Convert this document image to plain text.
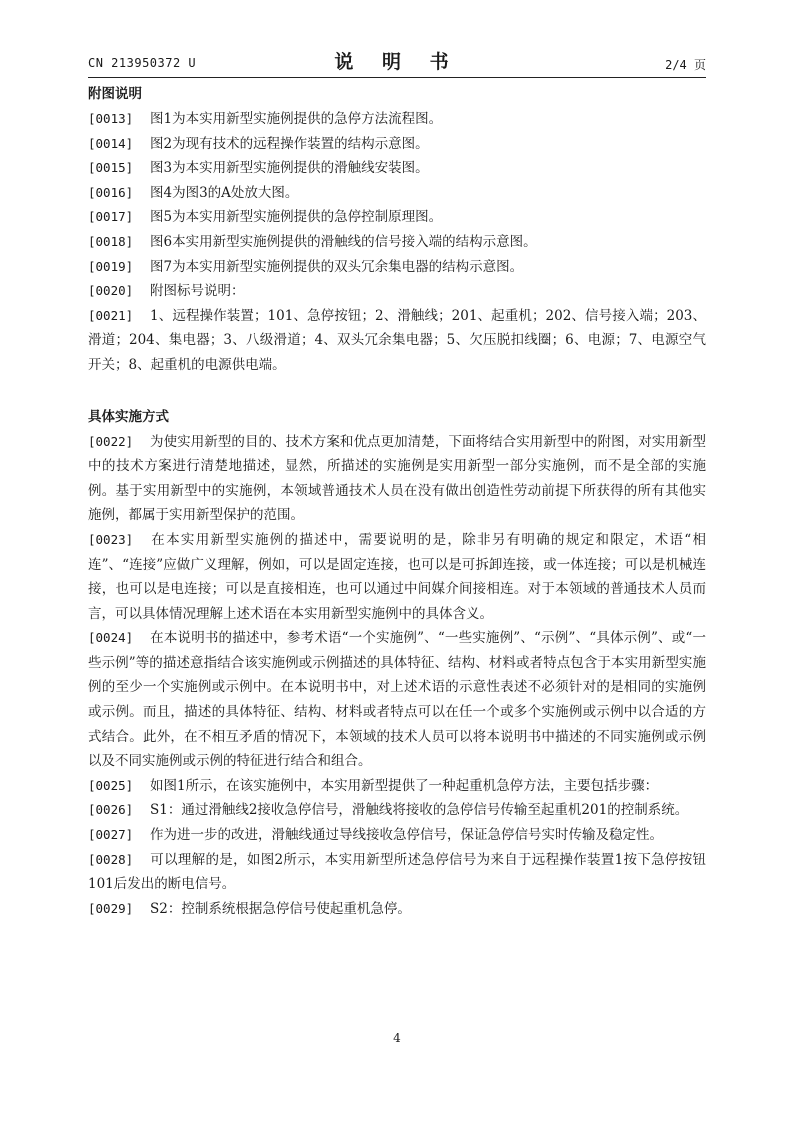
CN 213950372 U	说 明 书	2/4 页
附图说明
[0013] 图1为本实用新型实施例提供的急停方法流程图。
[0014] 图2为现有技术的远程操作装置的结构示意图。
[0015] 图3为本实用新型实施例提供的滑触线安装图。
[0016] 图4为图3的A处放大图。
[0017] 图5为本实用新型实施例提供的急停控制原理图。
[0018] 图6本实用新型实施例提供的滑触线的信号接入端的结构示意图。
[0019] 图7为本实用新型实施例提供的双头冗余集电器的结构示意图。
[0020] 附图标号说明：
[0021] 1、远程操作装置；101、急停按钮；2、滑触线；201、起重机；202、信号接入端；203、滑道；204、集电器；3、八级滑道；4、双头冗余集电器；5、欠压脱扣线圈；6、电源；7、电源空气开关；8、起重机的电源供电端。
具体实施方式
[0022] 为使实用新型的目的、技术方案和优点更加清楚，下面将结合实用新型中的附图，对实用新型中的技术方案进行清楚地描述，显然，所描述的实施例是实用新型一部分实施例，而不是全部的实施例。基于实用新型中的实施例，本领域普通技术人员在没有做出创造性劳动前提下所获得的所有其他实施例，都属于实用新型保护的范围。
[0023] 在本实用新型实施例的描述中，需要说明的是，除非另有明确的规定和限定，术语“相连”、“连接”应做广义理解，例如，可以是固定连接，也可以是可拆卸连接，或一体连接；可以是机械连接，也可以是电连接；可以是直接相连，也可以通过中间媒介间接相连。对于本领域的普通技术人员而言，可以具体情况理解上述术语在本实用新型实施例中的具体含义。
[0024] 在本说明书的描述中，参考术语“一个实施例”、“一些实施例”、“示例”、“具体示例”、或“一些示例”等的描述意指结合该实施例或示例描述的具体特征、结构、材料或者特点包含于本实用新型实施例的至少一个实施例或示例中。在本说明书中，对上述术语的示意性表述不必须针对的是相同的实施例或示例。而且，描述的具体特征、结构、材料或者特点可以在任一个或多个实施例或示例中以合适的方式结合。此外，在不相互矛盾的情况下，本领域的技术人员可以将本说明书中描述的不同实施例或示例以及不同实施例或示例的特征进行结合和组合。
[0025] 如图1所示，在该实施例中，本实用新型提供了一种起重机急停方法，主要包括步骤：
[0026] S1：通过滑触线2接收急停信号，滑触线将接收的急停信号传输至起重机201的控制系统。
[0027] 作为进一步的改进，滑触线通过导线接收急停信号，保证急停信号实时传输及稳定性。
[0028] 可以理解的是，如图2所示，本实用新型所述急停信号为来自于远程操作装置1按下急停按钮101后发出的断电信号。
[0029] S2：控制系统根据急停信号使起重机急停。
4
